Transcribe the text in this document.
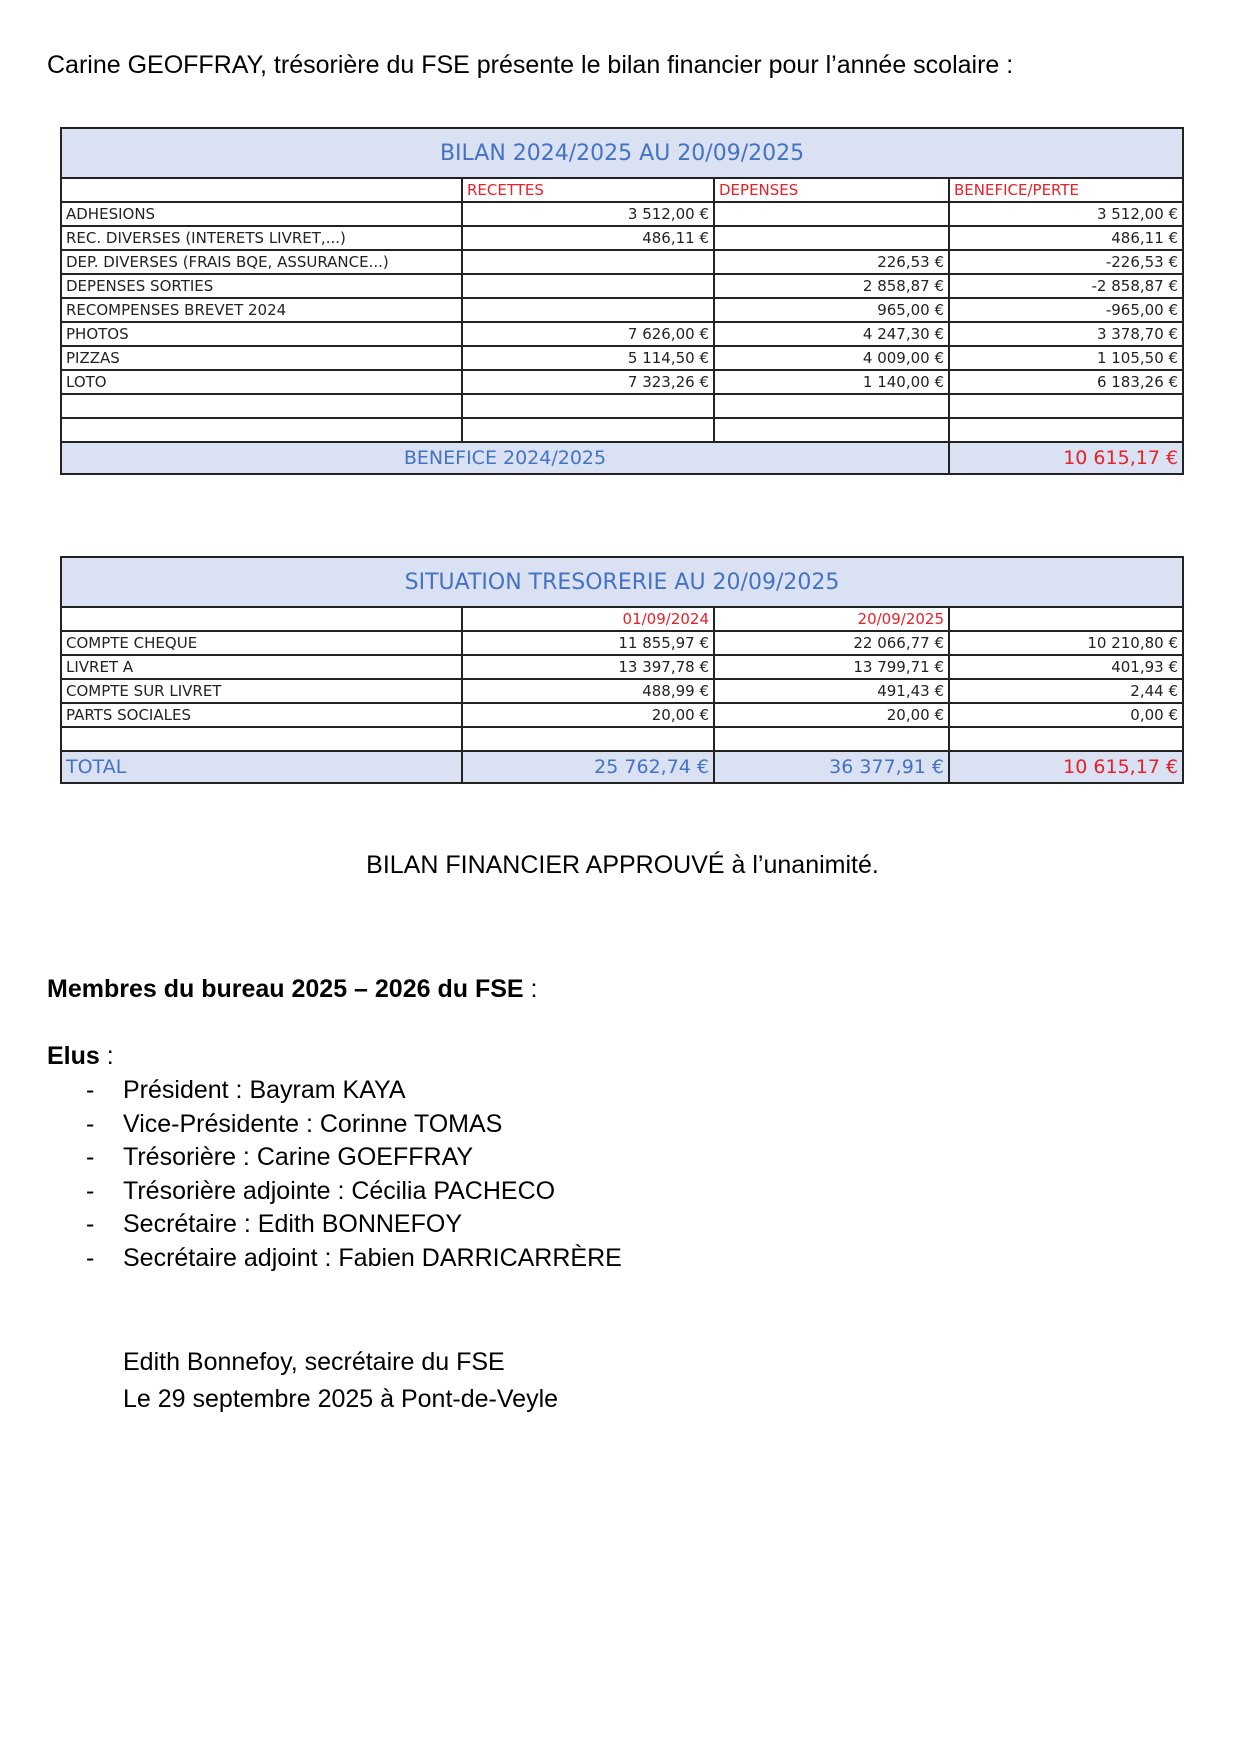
Carine GEOFFRAY, trésorière du FSE présente le bilan financier pour l’année scolaire :
BILAN 2024/2025 AU 20/09/2025			
	RECETTES	DEPENSES	BENEFICE/PERTE
ADHESIONS	3 512,00 €		3 512,00 €
REC. DIVERSES (INTERETS LIVRET,...)	486,11 €		486,11 €
DEP. DIVERSES (FRAIS BQE, ASSURANCE...)		226,53 €	-226,53 €
DEPENSES SORTIES		2 858,87 €	-2 858,87 €
RECOMPENSES BREVET 2024		965,00 €	-965,00 €
PHOTOS	7 626,00 €	4 247,30 €	3 378,70 €
PIZZAS	5 114,50 €	4 009,00 €	1 105,50 €
LOTO	7 323,26 €	1 140,00 €	6 183,26 €

BENEFICE 2024/2025			10 615,17 €
SITUATION TRESORERIE AU 20/09/2025			
	01/09/2024	20/09/2025	
COMPTE CHEQUE	11 855,97 €	22 066,77 €	10 210,80 €
LIVRET A	13 397,78 €	13 799,71 €	401,93 €
COMPTE SUR LIVRET	488,99 €	491,43 €	2,44 €
PARTS SOCIALES	20,00 €	20,00 €	0,00 €

TOTAL	25 762,74 €	36 377,91 €	10 615,17 €
BILAN FINANCIER APPROUVÉ à l’unanimité.
Membres du bureau 2025 – 2026 du FSE :
Elus :
- Président : Bayram KAYA
- Vice-Présidente : Corinne TOMAS
- Trésorière : Carine GOEFFRAY
- Trésorière adjointe : Cécilia PACHECO
- Secrétaire : Edith BONNEFOY
- Secrétaire adjoint : Fabien DARRICARRÈRE
Edith Bonnefoy, secrétaire du FSE
Le 29 septembre 2025 à Pont-de-Veyle
